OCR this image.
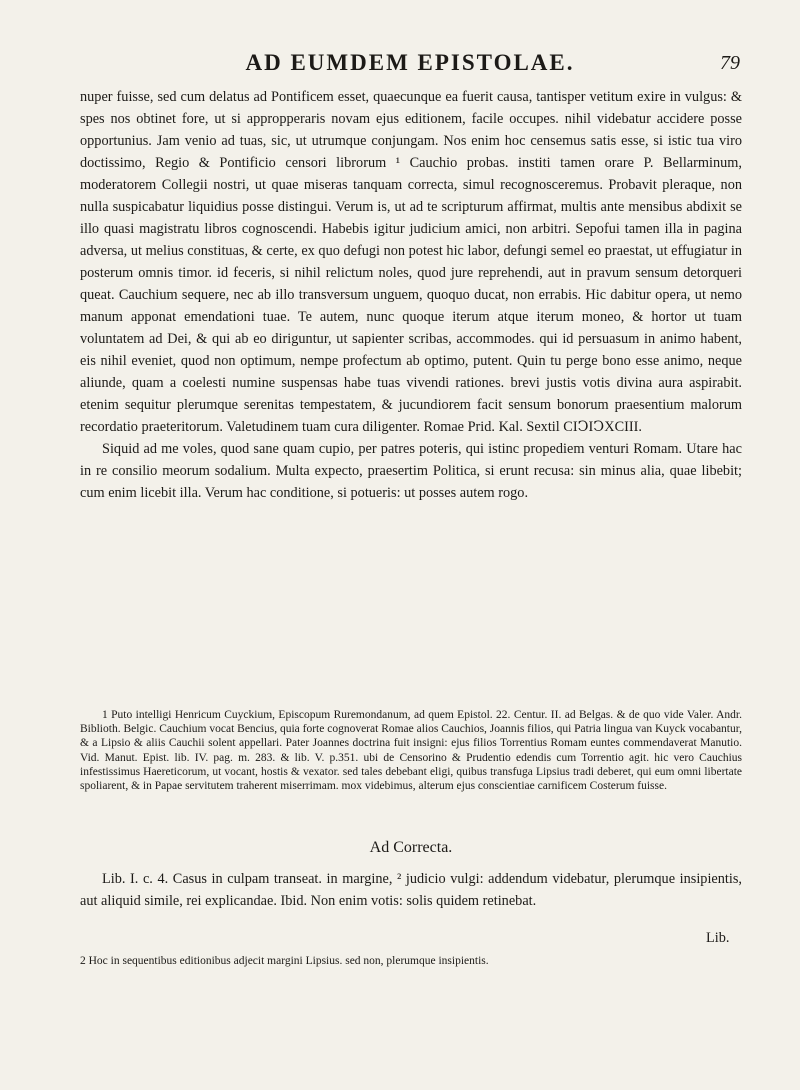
AD EUMDEM EPISTOLAE.	79

nuper fuisse, sed cum delatus ad Pontificem esset, quaecunque ea fuerit causa, tantisper vetitum exire in vulgus: & spes nos obtinet fore, ut si appropperaris novam ejus editionem, facile occupes. nihil videbatur accidere posse opportunius. Jam venio ad tuas, sic, ut utrumque conjungam. Nos enim hoc censemus satis esse, si istic tua viro doctissimo, Regio & Pontificio censori librorum ¹ Cauchio probas. institi tamen orare P. Bellarminum, moderatorem Collegii nostri, ut quae miseras tanquam correcta, simul recognosceremus. Probavit pleraque, non nulla suspicabatur liquidius posse distingui. Verum is, ut ad te scripturum affirmat, multis ante mensibus abdixit se illo quasi magistratu libros cognoscendi. Habebis igitur judicium amici, non arbitri. Sepofui tamen illa in pagina adversa, ut melius constituas, & certe, ex quo defugi non potest hic labor, defungi semel eo praestat, ut effugiatur in posterum omnis timor. id feceris, si nihil relictum noles, quod jure reprehendi, aut in pravum sensum detorqueri queat. Cauchium sequere, nec ab illo transversum unguem, quoquo ducat, non errabis. Hic dabitur opera, ut nemo manum apponat emendationi tuae. Te autem, nunc quoque iterum atque iterum moneo, & hortor ut tuam voluntatem ad Dei, & qui ab eo diriguntur, ut sapienter scribas, accommodes. qui id persuasum in animo habent, eis nihil eveniet, quod non optimum, nempe profectum ab optimo, putent. Quin tu perge bono esse animo, neque aliunde, quam a coelesti numine suspensas habe tuas vivendi rationes. brevi justis votis divina aura aspirabit. etenim sequitur plerumque serenitas tempestatem, & jucundiorem facit sensum bonorum praesentium malorum recordatio praeteritorum. Valetudinem tuam cura diligenter. Romae Prid. Kal. Sextil CIↃIↃXCIII.

Siquid ad me voles, quod sane quam cupio, per patres poteris, qui istinc propediem venturi Romam. Utare hac in re consilio meorum sodalium. Multa expecto, praesertim Politica, si erunt recusa: sin minus alia, quae libebit; cum enim licebit illa. Verum hac conditione, si potueris: ut posses autem rogo.

1 Puto intelligi Henricum Cuyckium, Episcopum Ruremondanum, ad quem Epistol. 22. Centur. II. ad Belgas. & de quo vide Valer. Andr. Biblioth. Belgic. Cauchium vocat Bencius, quia forte cognoverat Romae alios Cauchios, Joannis filios, qui Patria lingua van Kuyck vocabantur, & a Lipsio & aliis Cauchii solent appellari. Pater Joannes doctrina fuit insigni: ejus filios Torrentius Romam euntes commendaverat Manutio. Vid. Manut. Epist. lib. IV. pag. m. 283. & lib. V. p.351. ubi de Censorino & Prudentio edendis cum Torrentio agit. hic vero Cauchius infestissimus Haereticorum, ut vocant, hostis & vexator. sed tales debebant eligi, quibus transfuga Lipsius tradi deberet, qui eum omni libertate spoliarent, & in Papae servitutem traherent miserrimam. mox videbimus, alterum ejus conscientiae carnificem Costerum fuisse.

Ad Correcta.

Lib. I. c. 4. Casus in culpam transeat. in margine, ² judicio vulgi: addendum videbatur, plerumque insipientis, aut aliquid simile, rei explicandae. Ibid. Non enim votis: solis quidem retinebat.

Lib.
2 Hoc in sequentibus editionibus adjecit margini Lipsius. sed non, plerumque insipientis.
